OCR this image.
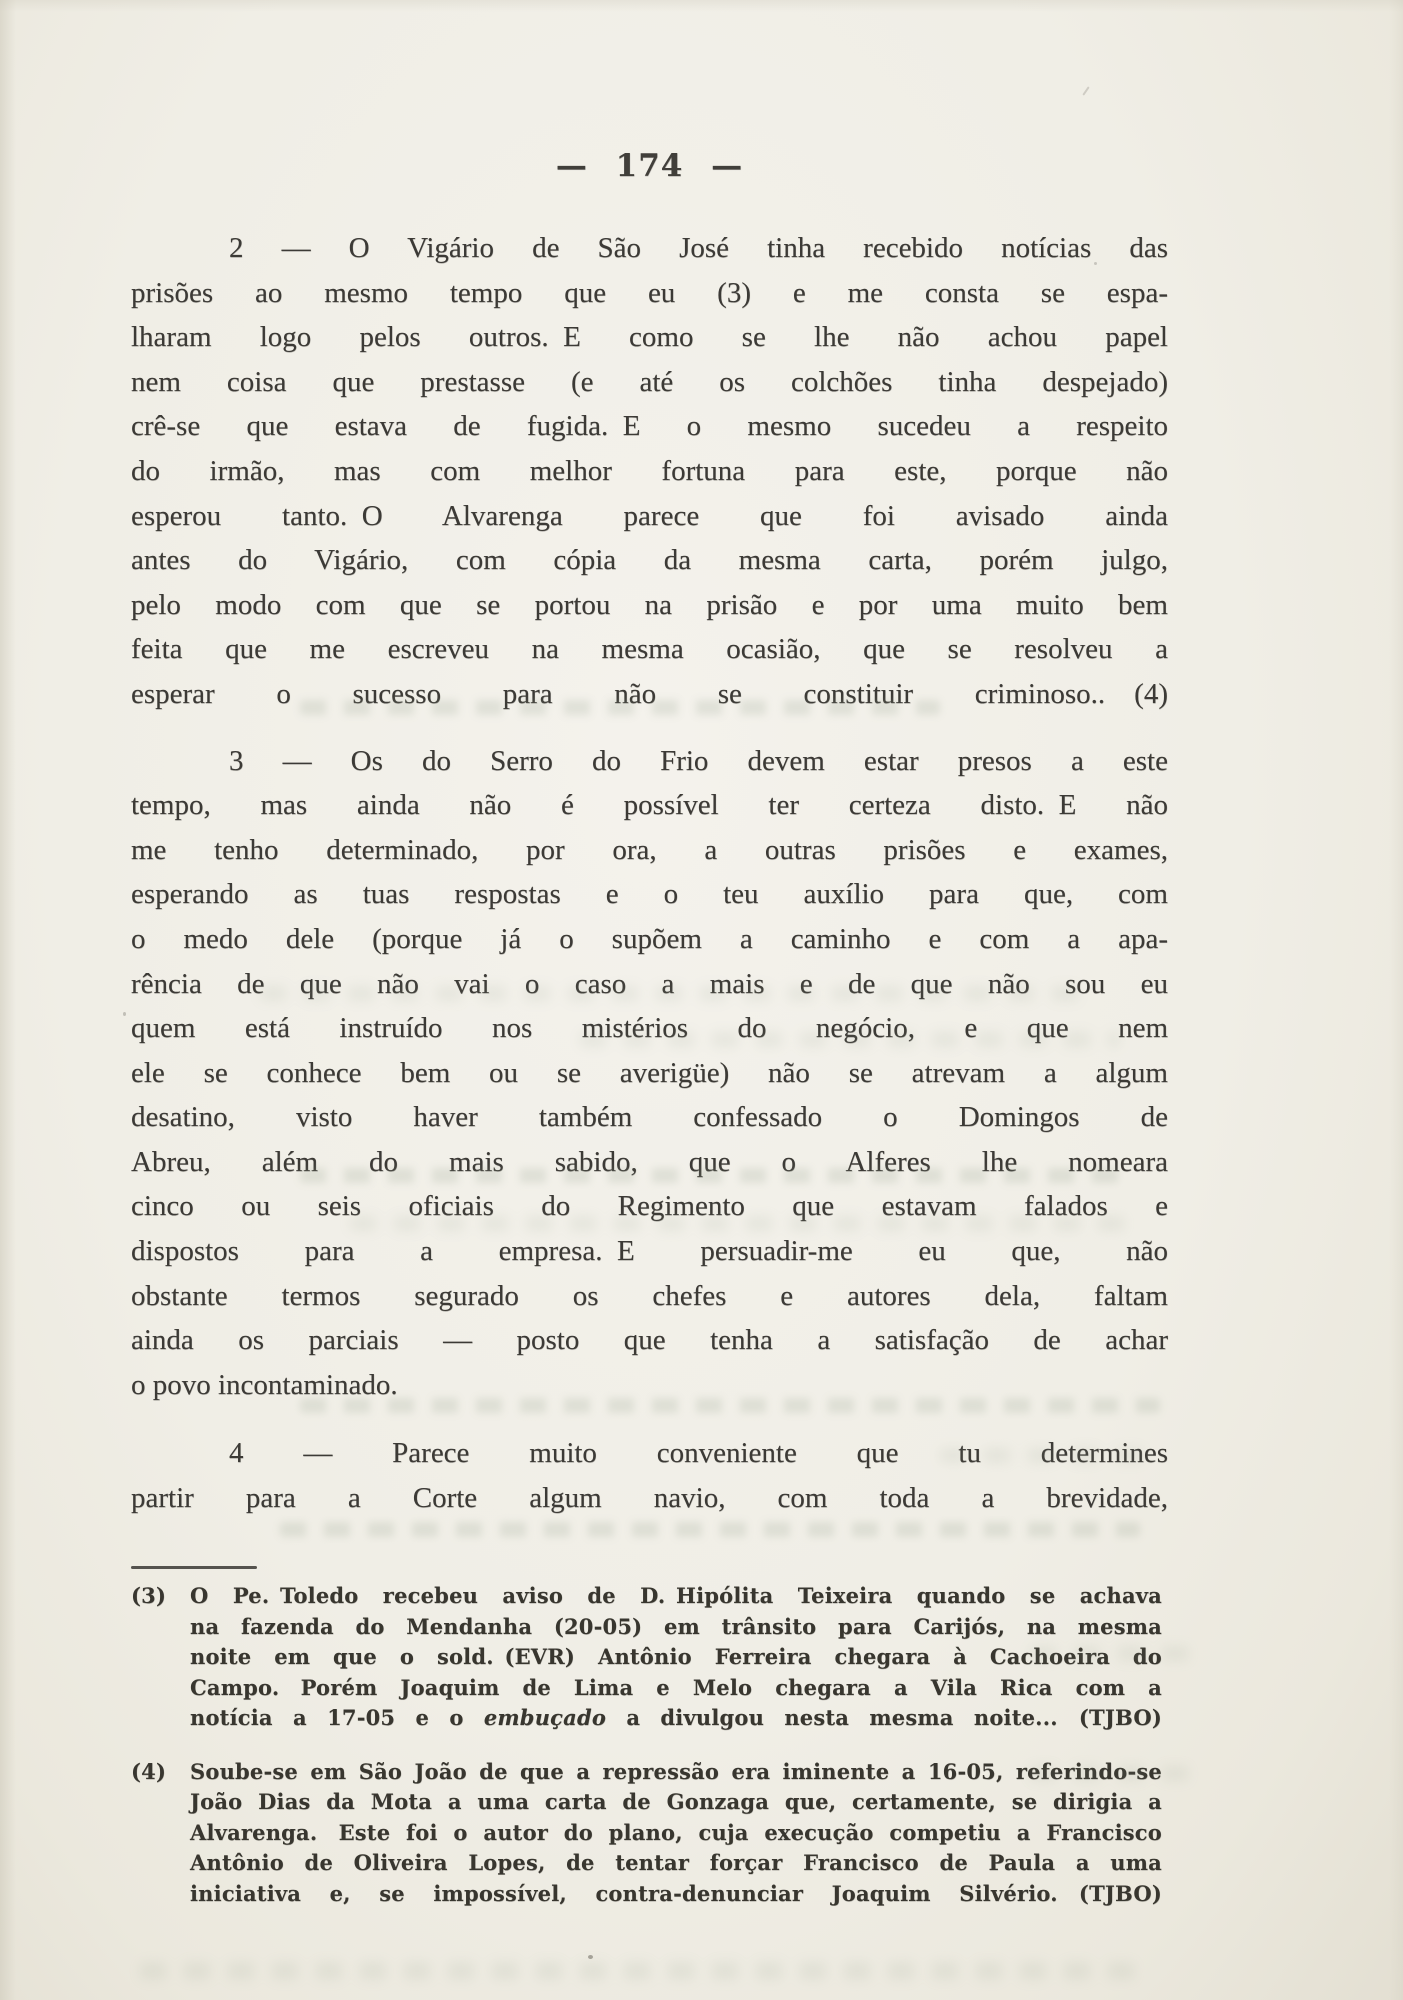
— 174 —
2 — O Vigário de São José tinha recebido notícias das
prisões ao mesmo tempo que eu (3) e me consta se espa-
lharam logo pelos outros. E como se lhe não achou papel
nem coisa que prestasse (e até os colchões tinha despejado)
crê-se que estava de fugida. E o mesmo sucedeu a respeito
do irmão, mas com melhor fortuna para este, porque não
esperou tanto. O Alvarenga parece que foi avisado ainda
antes do Vigário, com cópia da mesma carta, porém julgo,
pelo modo com que se portou na prisão e por uma muito bem
feita que me escreveu na mesma ocasião, que se resolveu a
esperar o sucesso para não se constituir criminoso.. (4)
3 — Os do Serro do Frio devem estar presos a este
tempo, mas ainda não é possível ter certeza disto. E não
me tenho determinado, por ora, a outras prisões e exames,
esperando as tuas respostas e o teu auxílio para que, com
o medo dele (porque já o supõem a caminho e com a apa-
rência de que não vai o caso a mais e de que não sou eu
quem está instruído nos mistérios do negócio, e que nem
ele se conhece bem ou se averigüe) não se atrevam a algum
desatino, visto haver também confessado o Domingos de
Abreu, além do mais sabido, que o Alferes lhe nomeara
cinco ou seis oficiais do Regimento que estavam falados e
dispostos para a empresa. E persuadir-me eu que, não
obstante termos segurado os chefes e autores dela, faltam
ainda os parciais — posto que tenha a satisfação de achar
o povo incontaminado.
4 — Parece muito conveniente que tu determines
partir para a Corte algum navio, com toda a brevidade,
(3) O Pe. Toledo recebeu aviso de D. Hipólita Teixeira quando se achava
na fazenda do Mendanha (20-05) em trânsito para Carijós, na mesma
noite em que o sold. (EVR) Antônio Ferreira chegara à Cachoeira do
Campo. Porém Joaquim de Lima e Melo chegara a Vila Rica com a
notícia a 17-05 e o embuçado a divulgou nesta mesma noite... (TJBO)
(4) Soube-se em São João de que a repressão era iminente a 16-05, referindo-se
João Dias da Mota a uma carta de Gonzaga que, certamente, se dirigia a
Alvarenga. Este foi o autor do plano, cuja execução competiu a Francisco
Antônio de Oliveira Lopes, de tentar forçar Francisco de Paula a uma
iniciativa e, se impossível, contra-denunciar Joaquim Silvério. (TJBO)
